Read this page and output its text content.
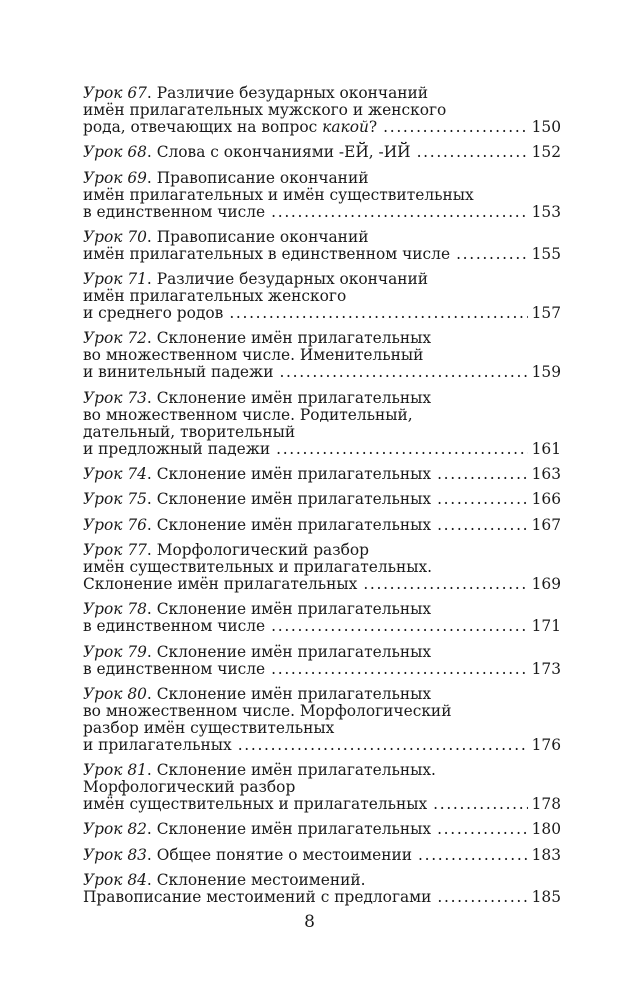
Урок 67. Различие безударных окончаний
имён прилагательных мужского и женского
рода, отвечающих на вопрос какой? . . .	150
Урок 68. Слова с окончаниями -ЕЙ, -ИЙ . . .	152
Урок 69. Правописание окончаний
имён прилагательных и имён существительных
в единственном числе . . .	153
Урок 70. Правописание окончаний
имён прилагательных в единственном числе . . .	155
Урок 71. Различие безударных окончаний
имён прилагательных женского
и среднего родов . . .	157
Урок 72. Склонение имён прилагательных
во множественном числе. Именительный
и винительный падежи . . .	159
Урок 73. Склонение имён прилагательных
во множественном числе. Родительный,
дательный, творительный
и предложный падежи . . .	161
Урок 74. Склонение имён прилагательных . . .	163
Урок 75. Склонение имён прилагательных . . .	166
Урок 76. Склонение имён прилагательных . . .	167
Урок 77. Морфологический разбор
имён существительных и прилагательных.
Склонение имён прилагательных . . .	169
Урок 78. Склонение имён прилагательных
в единственном числе . . .	171
Урок 79. Склонение имён прилагательных
в единственном числе . . .	173
Урок 80. Склонение имён прилагательных
во множественном числе. Морфологический
разбор имён существительных
и прилагательных . . .	176
Урок 81. Склонение имён прилагательных.
Морфологический разбор
имён существительных и прилагательных . . .	178
Урок 82. Склонение имён прилагательных . . .	180
Урок 83. Общее понятие о местоимении . . .	183
Урок 84. Склонение местоимений.
Правописание местоимений с предлогами . . .	185
8
